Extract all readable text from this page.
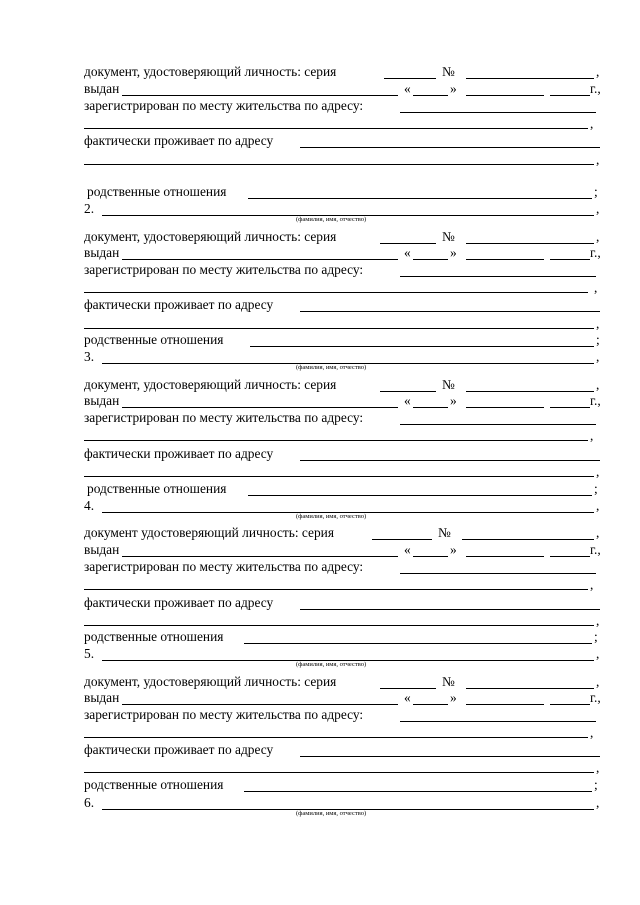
документ, удостоверяющий личность: серия	№	,
выдан	«	»	г.,
зарегистрирован по месту жительства по адресу:
,
фактически проживает по адресу
,
родственные отношения	;
2.	,
(фамилия, имя, отчество)
документ, удостоверяющий личность: серия	№	,
выдан	«	»	г.,
зарегистрирован по месту жительства по адресу:
,
фактически проживает по адресу
,
родственные отношения	;
3.	,
(фамилия, имя, отчество)
документ, удостоверяющий личность: серия	№	,
выдан	«	»	г.,
зарегистрирован по месту жительства по адресу:
,
фактически проживает по адресу
,
родственные отношения	;
4.	,
(фамилия, имя, отчество)
документ удостоверяющий личность: серия	№	,
выдан	«	»	г.,
зарегистрирован по месту жительства по адресу:
,
фактически проживает по адресу
,
родственные отношения	;
5.	,
(фамилия, имя, отчество)
документ, удостоверяющий личность: серия	№	,
выдан	«	»	г.,
зарегистрирован по месту жительства по адресу:
,
фактически проживает по адресу
,
родственные отношения	;
6.	,
(фамилия, имя, отчество)
